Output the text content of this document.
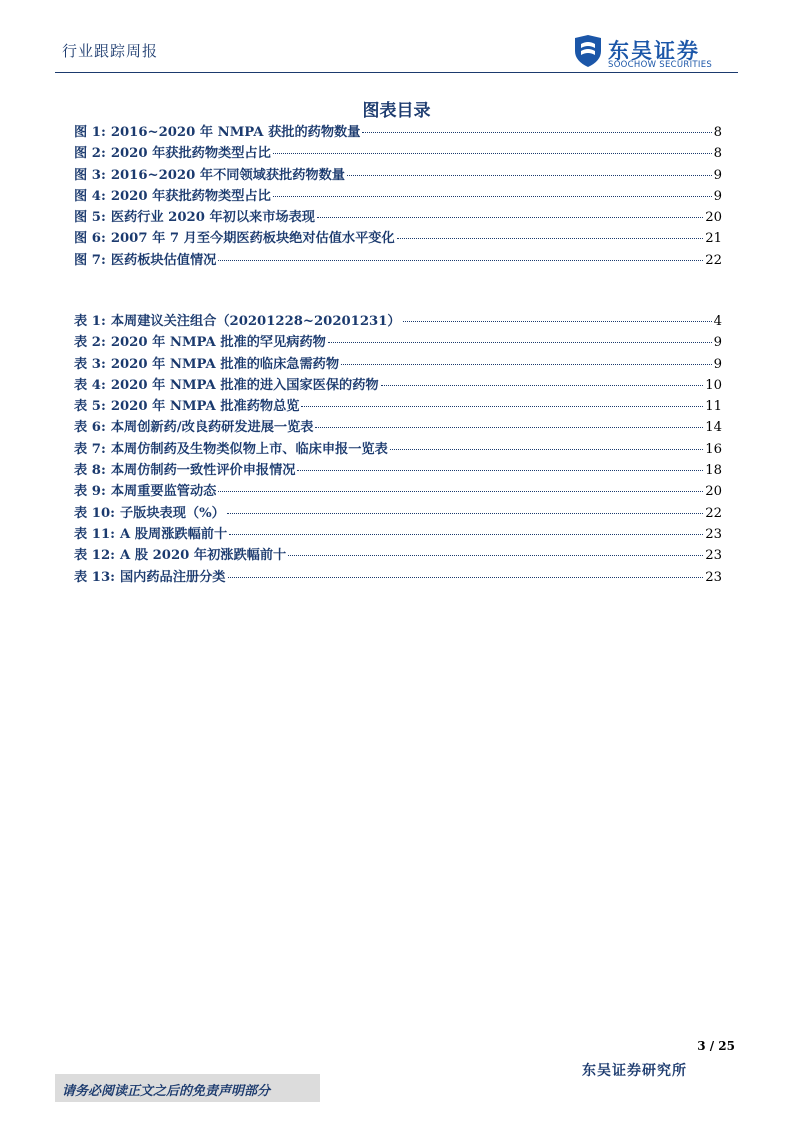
行业跟踪周报	东吴证券
SOOCHOW SECURITIES
图表目录
图 1: 2016~2020 年 NMPA 获批的药物数量	8
图 2: 2020 年获批药物类型占比	8
图 3: 2016~2020 年不同领域获批药物数量	9
图 4: 2020 年获批药物类型占比	9
图 5: 医药行业 2020 年初以来市场表现	20
图 6: 2007 年 7 月至今期医药板块绝对估值水平变化	21
图 7: 医药板块估值情况	22
表 1: 本周建议关注组合（20201228~20201231）	4
表 2: 2020 年 NMPA 批准的罕见病药物	9
表 3: 2020 年 NMPA 批准的临床急需药物	9
表 4: 2020 年 NMPA 批准的进入国家医保的药物	10
表 5: 2020 年 NMPA 批准药物总览	11
表 6: 本周创新药/改良药研发进展一览表	14
表 7: 本周仿制药及生物类似物上市、临床申报一览表	16
表 8: 本周仿制药一致性评价申报情况	18
表 9: 本周重要监管动态	20
表 10: 子版块表现（%）	22
表 11: A 股周涨跌幅前十	23
表 12: A 股 2020 年初涨跌幅前十	23
表 13: 国内药品注册分类	23
3 / 25
请务必阅读正文之后的免责声明部分
东吴证券研究所
